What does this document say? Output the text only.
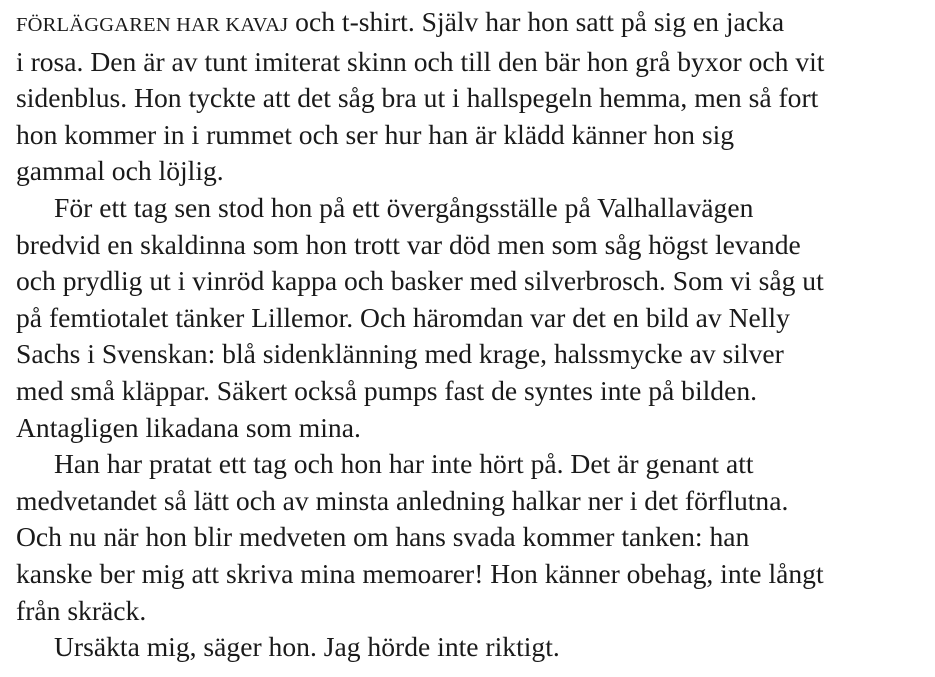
FÖRLÄGGAREN HAR KAVAJ och t-shirt. Själv har hon satt på sig en jacka
i rosa. Den är av tunt imiterat skinn och till den bär hon grå byxor och vit
sidenblus. Hon tyckte att det såg bra ut i hallspegeln hemma, men så fort
hon kommer in i rummet och ser hur han är klädd känner hon sig
gammal och löjlig.

För ett tag sen stod hon på ett övergångsställe på Valhallavägen
bredvid en skaldinna som hon trott var död men som såg högst levande
och prydlig ut i vinröd kappa och basker med silverbrosch. Som vi såg ut
på femtiotalet tänker Lillemor. Och häromdan var det en bild av Nelly
Sachs i Svenskan: blå sidenklänning med krage, halssmycke av silver
med små kläppar. Säkert också pumps fast de syntes inte på bilden.
Antagligen likadana som mina.

Han har pratat ett tag och hon har inte hört på. Det är genant att
medvetandet så lätt och av minsta anledning halkar ner i det förflutna.
Och nu när hon blir medveten om hans svada kommer tanken: han
kanske ber mig att skriva mina memoarer! Hon känner obehag, inte långt
från skräck.

Ursäkta mig, säger hon. Jag hörde inte riktigt.
